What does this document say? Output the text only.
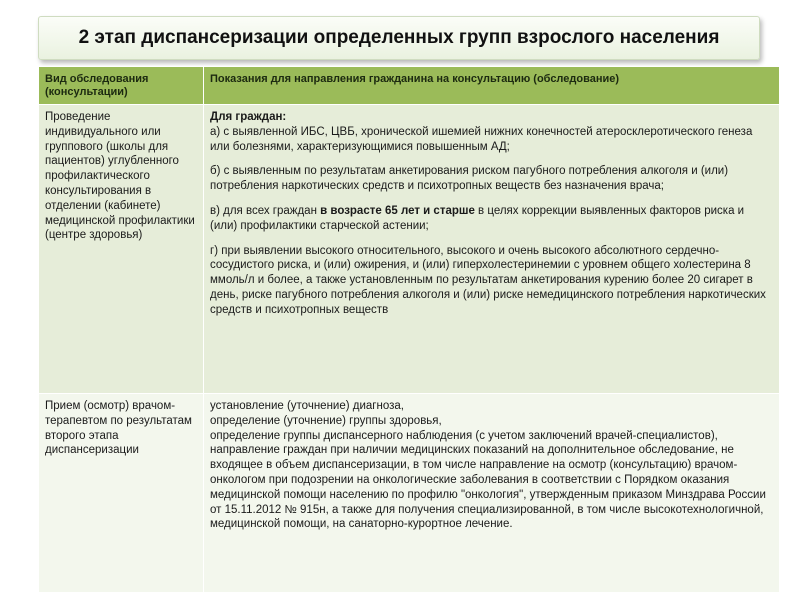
2 этап диспансеризации определенных групп взрослого населения
Вид обследования (консультации)	Показания для направления гражданина на консультацию (обследование)
Проведение индивидуального или группового (школы для пациентов) углубленного профилактического консультирования в отделении (кабинете) медицинской профилактики (центре здоровья)	Для граждан:

а) с выявленной ИБС, ЦВБ, хронической ишемией нижних конечностей атеросклеротического генеза или болезнями, характеризующимися повышенным АД;

б) с выявленным по результатам анкетирования риском пагубного потребления алкоголя и (или) потребления наркотических средств и психотропных веществ без назначения врача;

в) для всех граждан в возрасте 65 лет и старше в целях коррекции выявленных факторов риска и (или) профилактики старческой астении;

г) при выявлении высокого относительного, высокого и очень высокого абсолютного сердечно-сосудистого риска, и (или) ожирения, и (или) гиперхолестеринемии с уровнем общего холестерина 8 ммоль/л и более, а также установленным по результатам анкетирования курению более 20 сигарет в день, риске пагубного потребления алкоголя и (или) риске немедицинского потребления наркотических средств и психотропных веществ

Прием (осмотр) врачом-терапевтом по результатам второго этапа диспансеризации	установление (уточнение) диагноза,

определение (уточнение) группы здоровья,

определение группы диспансерного наблюдения (с учетом заключений врачей-специалистов),

направление граждан при наличии медицинских показаний на дополнительное обследование, не входящее в объем диспансеризации, в том числе направление на осмотр (консультацию) врачом-онкологом при подозрении на онкологические заболевания в соответствии с Порядком оказания медицинской помощи населению по профилю "онкология", утвержденным приказом Минздрава России от 15.11.2012 № 915н, а также для получения специализированной, в том числе высокотехнологичной, медицинской помощи, на санаторно-курортное лечение.
